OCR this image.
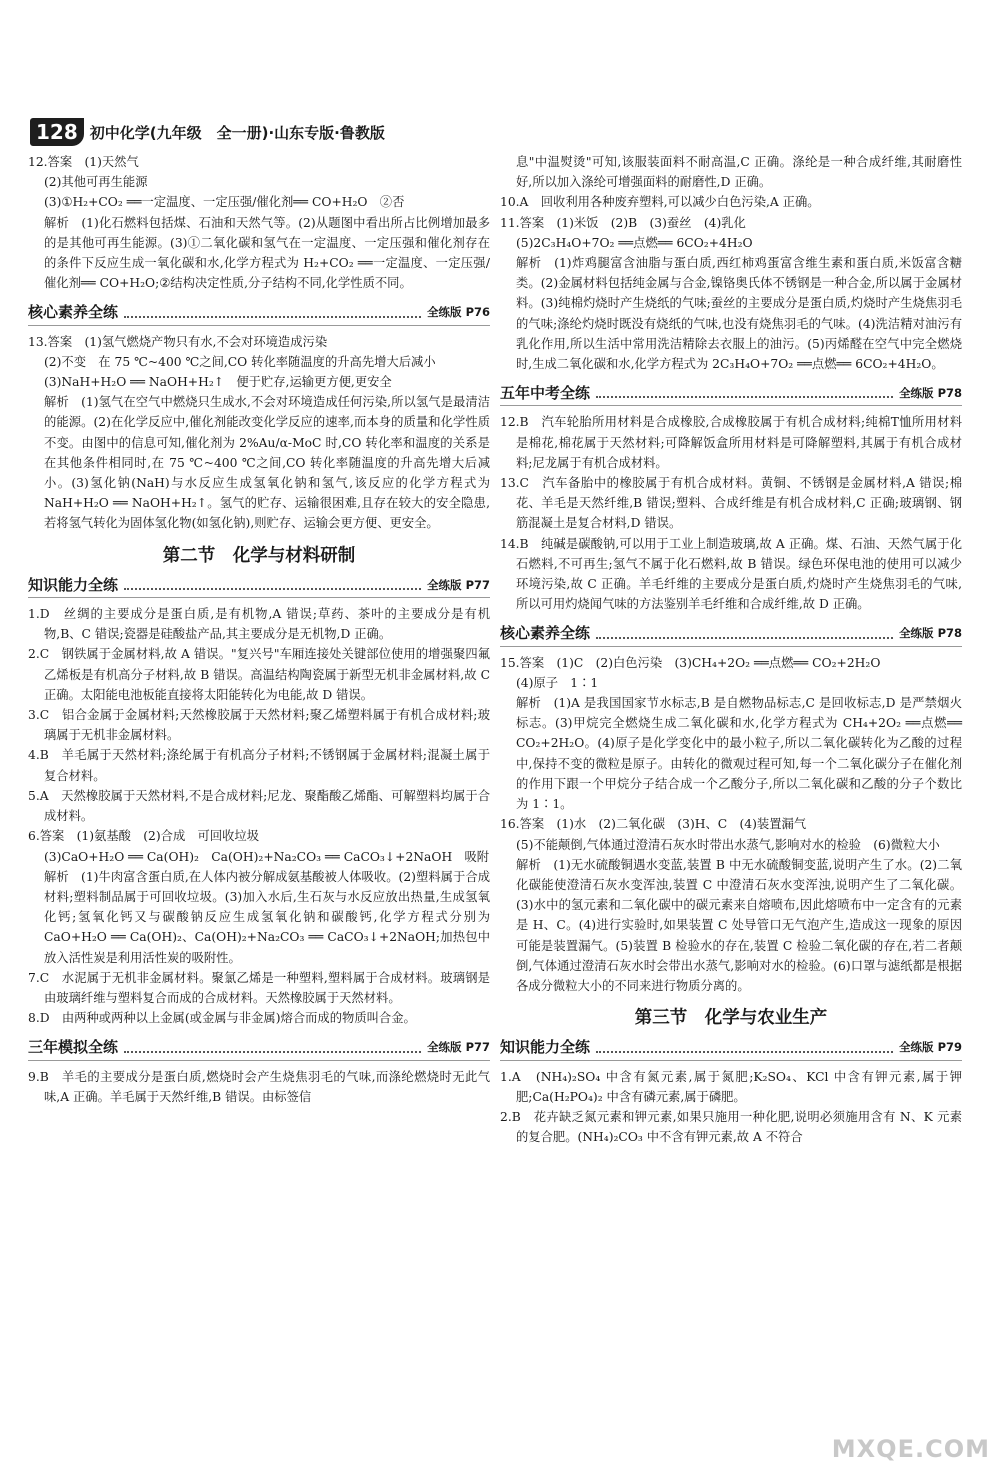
128 初中化学(九年级　全一册)·山东专版·鲁教版

12.答案　(1)天然气

(2)其他可再生能源

(3)①H₂+CO₂ ══一定温度、一定压强/催化剂══ CO+H₂O　②否

解析　(1)化石燃料包括煤、石油和天然气等。(2)从题图中看出所占比例增加最多的是其他可再生能源。(3)①二氧化碳和氢气在一定温度、一定压强和催化剂存在的条件下反应生成一氧化碳和水,化学方程式为 H₂+CO₂ ══一定温度、一定压强/催化剂══ CO+H₂O;②结构决定性质,分子结构不同,化学性质不同。

核心素养全练	全练版 P76

13.答案　(1)氢气燃烧产物只有水,不会对环境造成污染

(2)不变　在 75 ℃~400 ℃之间,CO 转化率随温度的升高先增大后减小

(3)NaH+H₂O ══ NaOH+H₂↑　便于贮存,运输更方便,更安全

解析　(1)氢气在空气中燃烧只生成水,不会对环境造成任何污染,所以氢气是最清洁的能源。(2)在化学反应中,催化剂能改变化学反应的速率,而本身的质量和化学性质不变。由图中的信息可知,催化剂为 2%Au/α-MoC 时,CO 转化率和温度的关系是在其他条件相同时,在 75 ℃~400 ℃之间,CO 转化率随温度的升高先增大后减小。(3)氢化钠(NaH)与水反应生成氢氧化钠和氢气,该反应的化学方程式为 NaH+H₂O ══ NaOH+H₂↑。氢气的贮存、运输很困难,且存在较大的安全隐患,若将氢气转化为固体氢化物(如氢化钠),则贮存、运输会更方便、更安全。

第二节　化学与材料研制
知识能力全练	全练版 P77

1.D　丝绸的主要成分是蛋白质,是有机物,A 错误;草药、茶叶的主要成分是有机物,B、C 错误;瓷器是硅酸盐产品,其主要成分是无机物,D 正确。

2.C　钢铁属于金属材料,故 A 错误。"复兴号"车厢连接处关键部位使用的增强聚四氟乙烯板是有机高分子材料,故 B 错误。高温结构陶瓷属于新型无机非金属材料,故 C 正确。太阳能电池板能直接将太阳能转化为电能,故 D 错误。

3.C　铝合金属于金属材料;天然橡胶属于天然材料;聚乙烯塑料属于有机合成材料;玻璃属于无机非金属材料。

4.B　羊毛属于天然材料;涤纶属于有机高分子材料;不锈钢属于金属材料;混凝土属于复合材料。

5.A　天然橡胶属于天然材料,不是合成材料;尼龙、聚酯酸乙烯酯、可解塑料均属于合成材料。

6.答案　(1)氨基酸　(2)合成　可回收垃圾

(3)CaO+H₂O ══ Ca(OH)₂　Ca(OH)₂+Na₂CO₃ ══ CaCO₃↓+2NaOH　吸附

解析　(1)牛肉富含蛋白质,在人体内被分解成氨基酸被人体吸收。(2)塑料属于合成材料;塑料制品属于可回收垃圾。(3)加入水后,生石灰与水反应放出热量,生成氢氧化钙;氢氧化钙又与碳酸钠反应生成氢氧化钠和碳酸钙,化学方程式分别为 CaO+H₂O ══ Ca(OH)₂、Ca(OH)₂+Na₂CO₃ ══ CaCO₃↓+2NaOH;加热包中放入活性炭是利用活性炭的吸附性。

7.C　水泥属于无机非金属材料。聚氯乙烯是一种塑料,塑料属于合成材料。玻璃钢是由玻璃纤维与塑料复合而成的合成材料。天然橡胶属于天然材料。

8.D　由两种或两种以上金属(或金属与非金属)熔合而成的物质叫合金。

三年模拟全练	全练版 P77

9.B　羊毛的主要成分是蛋白质,燃烧时会产生烧焦羽毛的气味,而涤纶燃烧时无此气味,A 正确。羊毛属于天然纤维,B 错误。由标签信

息"中温熨烫"可知,该服装面料不耐高温,C 正确。涤纶是一种合成纤维,其耐磨性好,所以加入涤纶可增强面料的耐磨性,D 正确。

10.A　回收利用各种废弃塑料,可以减少白色污染,A 正确。

11.答案　(1)米饭　(2)B　(3)蚕丝　(4)乳化

(5)2C₃H₄O+7O₂ ══点燃══ 6CO₂+4H₂O

解析　(1)炸鸡腿富含油脂与蛋白质,西红柿鸡蛋富含维生素和蛋白质,米饭富含糖类。(2)金属材料包括纯金属与合金,镍铬奥氏体不锈钢是一种合金,所以属于金属材料。(3)纯棉灼烧时产生烧纸的气味;蚕丝的主要成分是蛋白质,灼烧时产生烧焦羽毛的气味;涤纶灼烧时既没有烧纸的气味,也没有烧焦羽毛的气味。(4)洗洁精对油污有乳化作用,所以生活中常用洗洁精除去衣服上的油污。(5)丙烯醛在空气中完全燃烧时,生成二氧化碳和水,化学方程式为 2C₃H₄O+7O₂ ══点燃══ 6CO₂+4H₂O。

五年中考全练	全练版 P78

12.B　汽车轮胎所用材料是合成橡胶,合成橡胶属于有机合成材料;纯棉T恤所用材料是棉花,棉花属于天然材料;可降解饭盒所用材料是可降解塑料,其属于有机合成材料;尼龙属于有机合成材料。

13.C　汽车备胎中的橡胶属于有机合成材料。黄铜、不锈钢是金属材料,A 错误;棉花、羊毛是天然纤维,B 错误;塑料、合成纤维是有机合成材料,C 正确;玻璃钢、钢筋混凝土是复合材料,D 错误。

14.B　纯碱是碳酸钠,可以用于工业上制造玻璃,故 A 正确。煤、石油、天然气属于化石燃料,不可再生;氢气不属于化石燃料,故 B 错误。绿色环保电池的使用可以减少环境污染,故 C 正确。羊毛纤维的主要成分是蛋白质,灼烧时产生烧焦羽毛的气味,所以可用灼烧闻气味的方法鉴别羊毛纤维和合成纤维,故 D 正确。

核心素养全练	全练版 P78

15.答案　(1)C　(2)白色污染　(3)CH₄+2O₂ ══点燃══ CO₂+2H₂O

(4)原子　1∶1

解析　(1)A 是我国国家节水标志,B 是自燃物品标志,C 是回收标志,D 是严禁烟火标志。(3)甲烷完全燃烧生成二氧化碳和水,化学方程式为 CH₄+2O₂ ══点燃══ CO₂+2H₂O。(4)原子是化学变化中的最小粒子,所以二氧化碳转化为乙酸的过程中,保持不变的微粒是原子。由转化的微观过程可知,每一个二氧化碳分子在催化剂的作用下跟一个甲烷分子结合成一个乙酸分子,所以二氧化碳和乙酸的分子个数比为 1∶1。

16.答案　(1)水　(2)二氧化碳　(3)H、C　(4)装置漏气

(5)不能颠倒,气体通过澄清石灰水时带出水蒸气,影响对水的检验　(6)微粒大小

解析　(1)无水硫酸铜遇水变蓝,装置 B 中无水硫酸铜变蓝,说明产生了水。(2)二氧化碳能使澄清石灰水变浑浊,装置 C 中澄清石灰水变浑浊,说明产生了二氧化碳。(3)水中的氢元素和二氧化碳中的碳元素来自熔喷布,因此熔喷布中一定含有的元素是 H、C。(4)进行实验时,如果装置 C 处导管口无气泡产生,造成这一现象的原因可能是装置漏气。(5)装置 B 检验水的存在,装置 C 检验二氧化碳的存在,若二者颠倒,气体通过澄清石灰水时会带出水蒸气,影响对水的检验。(6)口罩与滤纸都是根据各成分微粒大小的不同来进行物质分离的。

第三节　化学与农业生产
知识能力全练	全练版 P79

1.A　(NH₄)₂SO₄ 中含有氮元素,属于氮肥;K₂SO₄、KCl 中含有钾元素,属于钾肥;Ca(H₂PO₄)₂ 中含有磷元素,属于磷肥。

2.B　花卉缺乏氮元素和钾元素,如果只施用一种化肥,说明必须施用含有 N、K 元素的复合肥。(NH₄)₂CO₃ 中不含有钾元素,故 A 不符合

MXQE.COM
